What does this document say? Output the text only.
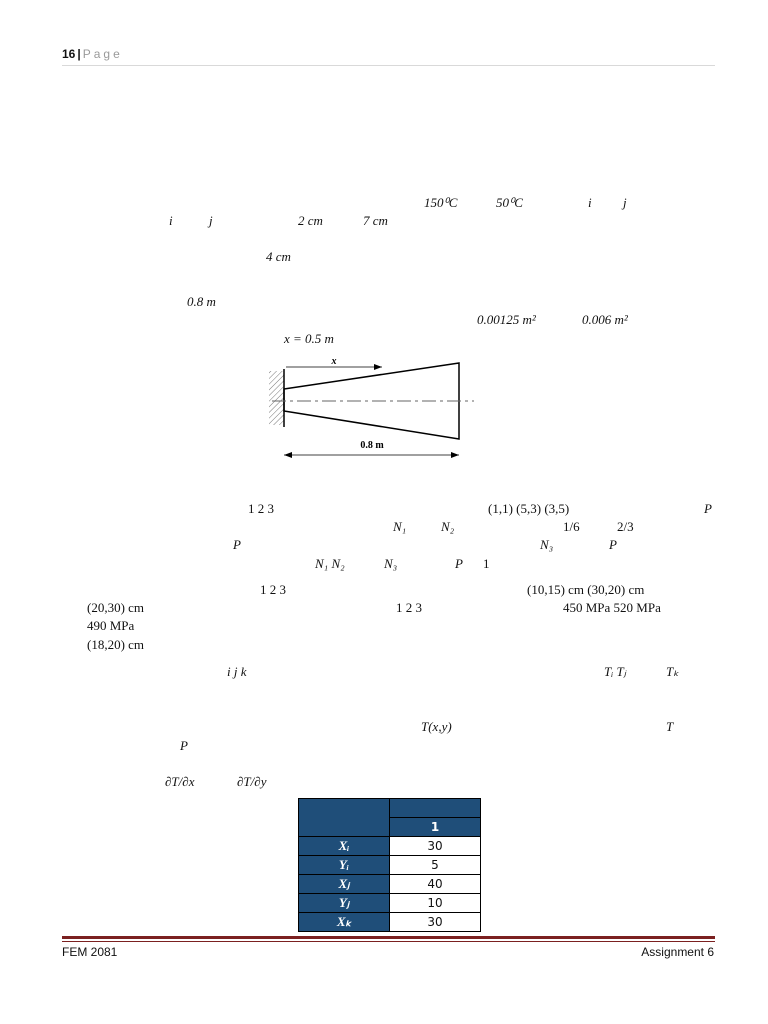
16 | Page
150⁰C	50⁰C	i j
i	j	2 cm	7 cm
4 cm
0.8 m
0.00125 m²	0.006 m²
x = 0.5 m
x
0.8 m
1 2 3	(1,1) (5,3) (3,5)	P
N₁	N₂	1/6	2/3
P	N₃	P
N₁ N₂	N₃	P 1
1 2 3	(10,15) cm (30,20) cm
(20,30) cm	1 2 3	450 MPa 520 MPa
490 MPa
(18,20) cm
i j k	Tᵢ Tⱼ	Tₖ
T(x,y)	T
P
∂T/∂x	∂T/∂y

	1
Xᵢ	30
Yᵢ	5
Xⱼ	40
Yⱼ	10
Xₖ	30
FEM 2081	Assignment 6
